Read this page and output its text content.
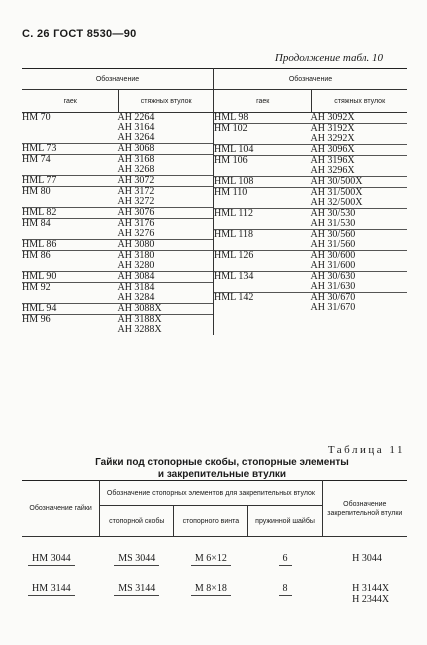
С. 26 ГОСТ 8530—90
Продолжение табл. 10
Обозначение	Обозначение
гаек	стяжных втулок	гаек	стяжных втулок

НМ 70	АН 2264
АН 3164
АН 3264

HML 73	АН 3068

НМ 74	АН 3168
АН 3268

HML 77	АН 3072

НМ 80	АН 3172
АН 3272

HML 82	АН 3076

НМ 84	АН 3176
АН 3276

HML 86	АН 3080

НМ 86	АН 3180
АН 3280

HML 90	АН 3084

НМ 92	АН 3184
АН 3284

HML 94	АН 3088Х

НМ 96	АН 3188Х
АН 3288Х

HML 98	АН 3092Х

НМ 102	АН 3192Х
АН 3292Х

HML 104	АН 3096Х

НМ 106	АН 3196Х
АН 3296Х

HML 108	АН 30/500Х

НМ 110	АН 31/500Х
АН 32/500Х

HML 112	АН 30/530
АН 31/530

HML 118	АН 30/560
АН 31/560

HML 126	АН 30/600
АН 31/600

HML 134	АН 30/630
АН 31/630

HML 142	АН 30/670
АН 31/670
Таблица 11
Гайки под стопорные скобы, стопорные элементы
и закрепительные втулки
Обозначение гайки	Обозначение стопорных элементов для закрепительных втулок			Обозначение закрепительной втулки
	стопорной скобы	стопорного винта	пружинной шайбы	
НМ 3044	MS 3044	М 6×12	6	Н 3044

НМ 3144	MS 3144	М 8×18	8	Н 3144Х
Н 2344Х
